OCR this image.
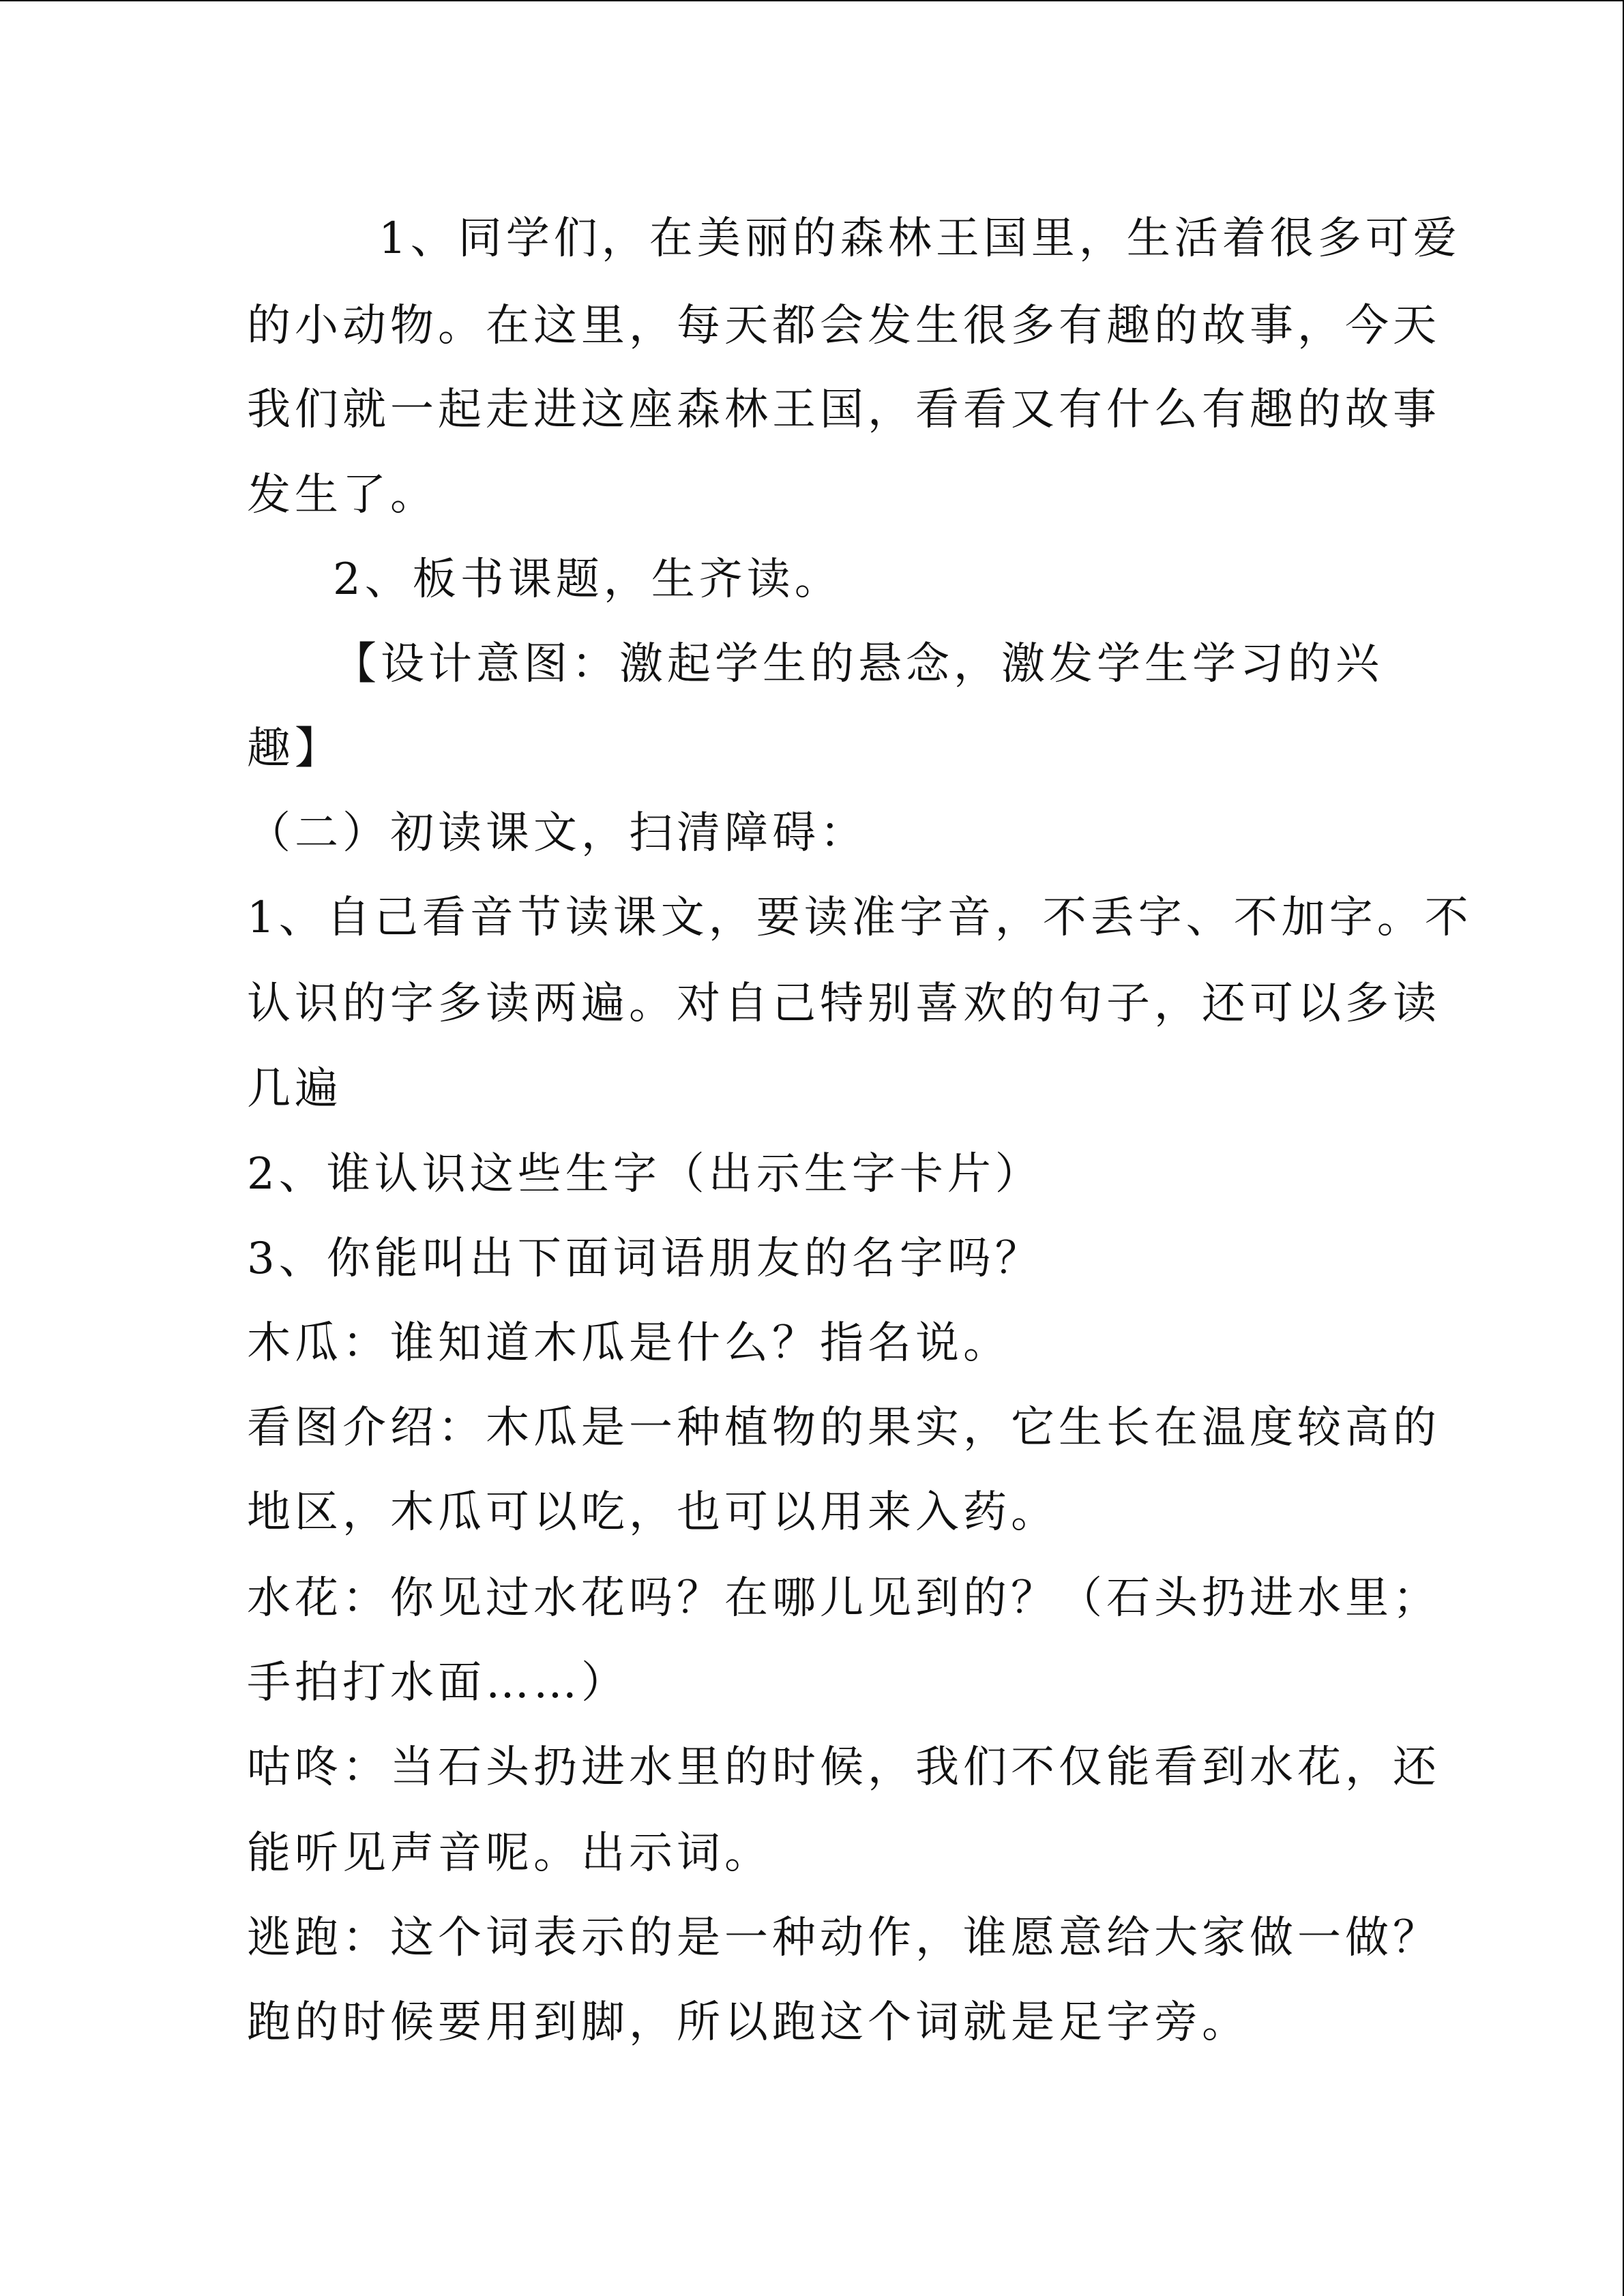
1、同学们，在美丽的森林王国里，生活着很多可爱
的小动物。在这里，每天都会发生很多有趣的故事，今天
我们就一起走进这座森林王国，看看又有什么有趣的故事
发生了。
2、板书课题，生齐读。
【设计意图：激起学生的悬念，激发学生学习的兴
趣】
（二）初读课文，扫清障碍：
1、自己看音节读课文，要读准字音，不丢字、不加字。不
认识的字多读两遍。对自己特别喜欢的句子，还可以多读
几遍
2、谁认识这些生字（出示生字卡片）
3、你能叫出下面词语朋友的名字吗？
木瓜：谁知道木瓜是什么？指名说。
看图介绍：木瓜是一种植物的果实，它生长在温度较高的
地区，木瓜可以吃，也可以用来入药。
水花：你见过水花吗？在哪儿见到的？（石头扔进水里；
手拍打水面……）
咕咚：当石头扔进水里的时候，我们不仅能看到水花，还
能听见声音呢。出示词。
逃跑：这个词表示的是一种动作，谁愿意给大家做一做？
跑的时候要用到脚，所以跑这个词就是足字旁。
